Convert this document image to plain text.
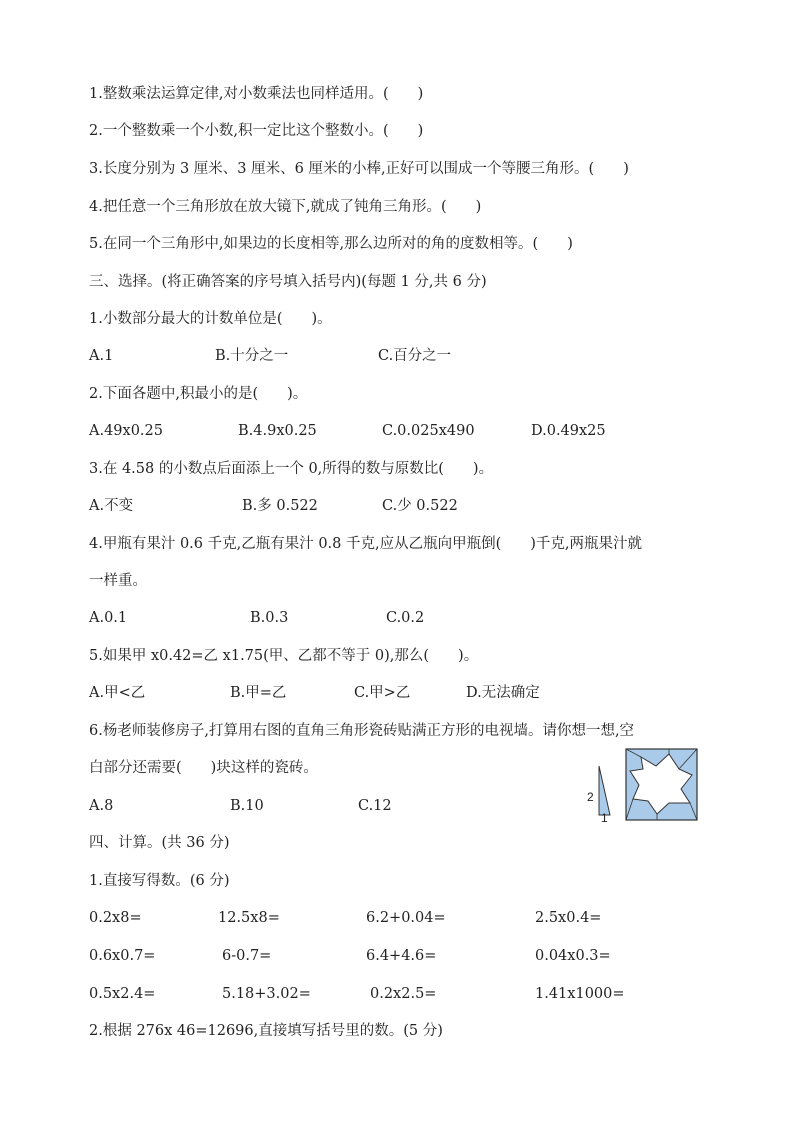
1.整数乘法运算定律,对小数乘法也同样适用。(　　)
2.一个整数乘一个小数,积一定比这个整数小。(　　)
3.长度分别为 3 厘米、3 厘米、6 厘米的小棒,正好可以围成一个等腰三角形。(　　)
4.把任意一个三角形放在放大镜下,就成了钝角三角形。(　　)
5.在同一个三角形中,如果边的长度相等,那么边所对的角的度数相等。(　　)
三、选择。(将正确答案的序号填入括号内)(每题 1 分,共 6 分)
1.小数部分最大的计数单位是(　　)。
A.1	B.十分之一	C.百分之一
2.下面各题中,积最小的是(　　)。
A.49x0.25	B.4.9x0.25	C.0.025x490	D.0.49x25
3.在 4.58 的小数点后面添上一个 0,所得的数与原数比(　　)。
A.不变	B.多 0.522	C.少 0.522
4.甲瓶有果汁 0.6 千克,乙瓶有果汁 0.8 千克,应从乙瓶向甲瓶倒(　　)千克,两瓶果汁就
一样重。
A.0.1	B.0.3	C.0.2
5.如果甲 x0.42=乙 x1.75(甲、乙都不等于 0),那么(　　)。
A.甲<乙	B.甲=乙	C.甲>乙	D.无法确定
6.杨老师装修房子,打算用右图的直角三角形瓷砖贴满正方形的电视墙。请你想一想,空
白部分还需要(　　)块这样的瓷砖。
A.8	B.10	C.12
2
1
四、计算。(共 36 分)
1.直接写得数。(6 分)
0.2x8=	12.5x8=	6.2+0.04=	2.5x0.4=
0.6x0.7=	6-0.7=	6.4+4.6=	0.04x0.3=
0.5x2.4=	5.18+3.02=	0.2x2.5=	1.41x1000=
2.根据 276x 46=12696,直接填写括号里的数。(5 分)
